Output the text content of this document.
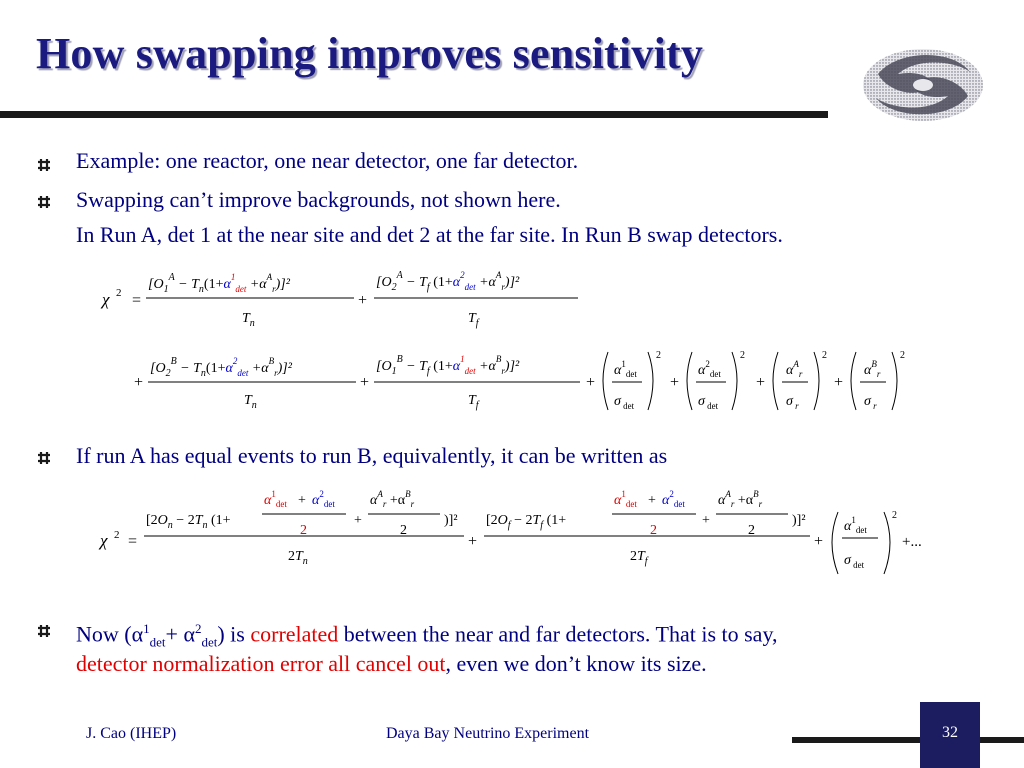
How swapping improves sensitivity
Example: one reactor, one near detector, one far detector.
Swapping can’t improve backgrounds, not shown here.
In Run A, det 1 at the near site and det 2 at the far site. In Run B swap detectors.
χ 2 =
$[O_1^A - T_n(1+\alpha^1_{det} +\alpha^A_r)]^2$
$T_n$
+
[$O_2^A - T_f$ $(1+\alpha^2_{det} +\alpha^A_r)]^2$
$T_f$
+
$[O_2^B - T_n(1+\alpha^2_{det} +\alpha^B_r)]^2$
$T_n$
+
[$O_1^B - T_f$ $(1+\alpha^1_{det} +\alpha^B_r)]^2$
$T_f$
+
$\alpha^1_{det}$
σ $_{det}$
2
+
$\alpha^2_{det}$
σ $_{det}$
2
+
$\alpha^A_r$
σ $_r$
2
+
$\alpha^B_r$
σ $_r$
2
If run A has equal events to run B, equivalently, it can be written as
χ 2 =
[$2O_n - 2T_n$ (1+
$\alpha^1_{det} + \alpha^2_{det}$
2
+
$\alpha^A_r +\alpha^B_r$
2
)]²
$2T_n$
+
[$2O_f - 2T_f$ (1+
$\alpha^1_{det} + \alpha^2_{det}$
2
+
$\alpha^A_r +\alpha^B_r$
2
)]²
$2T_f$
+
$\alpha^1_{det}$
σ $_{det}$
2
+...
Now $(\alpha^1_{det}+ \alpha^2_{det})$ is correlated between the near and far detectors. That is to say,
detector normalization error all cancel out, even we don’t know its size.
J. Cao (IHEP)	Daya Bay Neutrino Experiment	32
